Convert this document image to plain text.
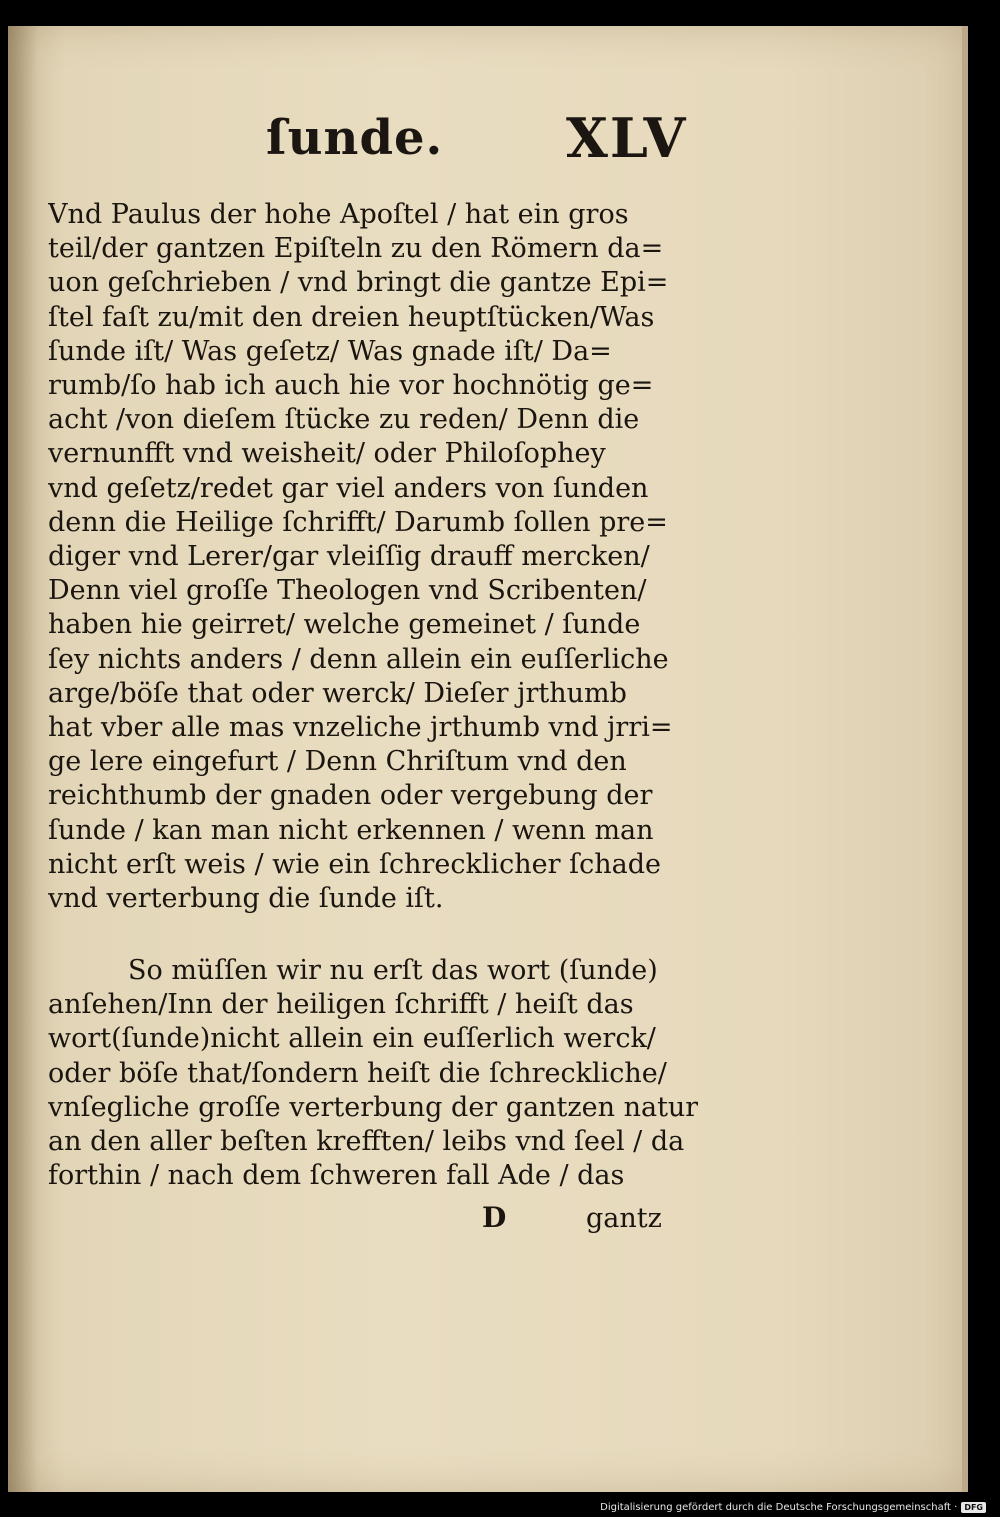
ſunde. XLV
Vnd Paulus der hohe Apoſtel / hat ein gros
teil/der gantzen Epiſteln zu den Römern da=
uon geſchrieben / vnd bringt die gantze Epi=
ſtel faſt zu/mit den dreien heuptſtücken/Was
ſunde iſt/ Was geſetz/ Was gnade iſt/ Da=
rumb/ſo hab ich auch hie vor hochnötig ge=
acht /von dieſem ſtücke zu reden/ Denn die
vernunfft vnd weisheit/ oder Philoſophey
vnd geſetz/redet gar viel anders von ſunden
denn die Heilige ſchrifft/ Darumb ſollen pre=
diger vnd Lerer/gar vleiſſig drauff mercken/
Denn viel groſſe Theologen vnd Scribenten/
haben hie geirret/ welche gemeinet / ſunde
ſey nichts anders / denn allein ein euſſerliche
arge/böſe that oder werck/ Dieſer jrthumb
hat vber alle mas vnzeliche jrthumb vnd jrri=
ge lere eingefurt / Denn Chriſtum vnd den
reichthumb der gnaden oder vergebung der
ſunde / kan man nicht erkennen / wenn man
nicht erſt weis / wie ein ſchrecklicher ſchade
vnd verterbung die ſunde iſt.
So müſſen wir nu erſt das wort (ſunde)
anſehen/Inn der heiligen ſchrifft / heiſt das
wort(ſunde)nicht allein ein euſſerlich werck/
oder böſe that/ſondern heiſt die ſchreckliche/
vnſegliche groſſe verterbung der gantzen natur
an den aller beſten krefften/ leibs vnd ſeel / da
forthin / nach dem ſchweren fall Ade / das
D	gantz
Digitalisierung gefördert durch die Deutsche Forschungsgemeinschaft · DFG
